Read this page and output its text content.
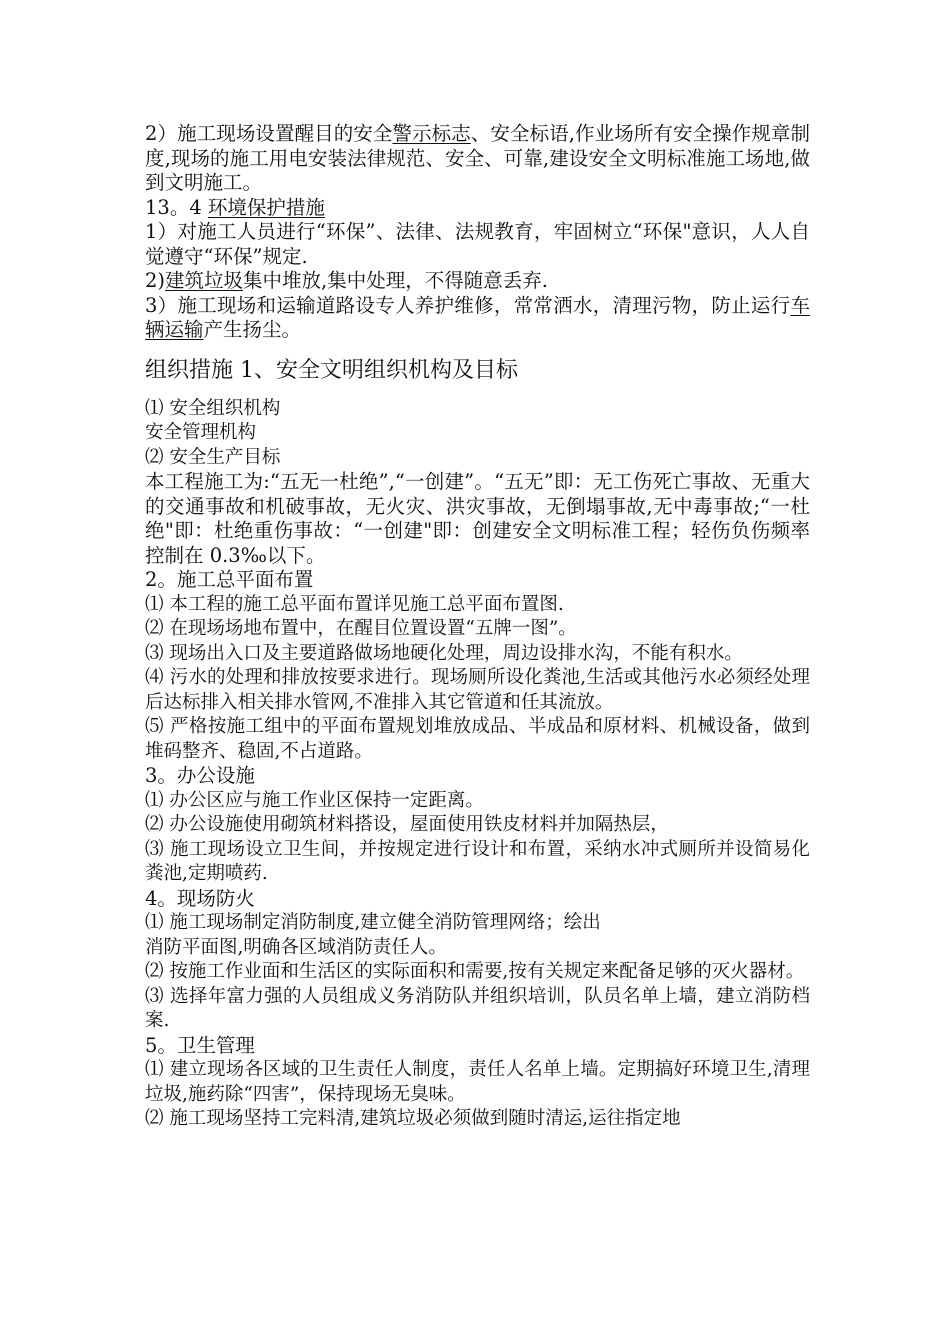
2）施工现场设置醒目的安全警示标志、安全标语,作业场所有安全操作规章制度,现场的施工用电安装法律规范、安全、可靠,建设安全文明标准施工场地,做到文明施工。

13。4 环境保护措施

1）对施工人员进行“环保”、法律、法规教育，牢固树立“环保"意识，人人自觉遵守“环保”规定.

2)建筑垃圾集中堆放,集中处理，不得随意丢弃.

3）施工现场和运输道路设专人养护维修，常常洒水，清理污物，防止运行车辆运输产生扬尘。

组织措施 1、安全文明组织机构及目标

⑴ 安全组织机构

安全管理机构

⑵ 安全生产目标

本工程施工为:“五无一杜绝”,“一创建”。“五无”即：无工伤死亡事故、无重大的交通事故和机破事故，无火灾、洪灾事故，无倒塌事故,无中毒事故;“一杜绝"即：杜绝重伤事故：“一创建"即：创建安全文明标准工程；轻伤负伤频率控制在 0.3‰以下。

2。施工总平面布置

⑴ 本工程的施工总平面布置详见施工总平面布置图.

⑵ 在现场场地布置中，在醒目位置设置“五牌一图”。

⑶ 现场出入口及主要道路做场地硬化处理，周边设排水沟，不能有积水。

⑷ 污水的处理和排放按要求进行。现场厕所设化粪池,生活或其他污水必须经处理后达标排入相关排水管网,不准排入其它管道和任其流放。

⑸ 严格按施工组中的平面布置规划堆放成品、半成品和原材料、机械设备，做到堆码整齐、稳固,不占道路。

3。办公设施

⑴ 办公区应与施工作业区保持一定距离。

⑵ 办公设施使用砌筑材料搭设，屋面使用铁皮材料并加隔热层，

⑶ 施工现场设立卫生间，并按规定进行设计和布置，采纳水冲式厕所并设简易化粪池,定期喷药.

4。现场防火

⑴ 施工现场制定消防制度,建立健全消防管理网络；绘出

消防平面图,明确各区域消防责任人。

⑵ 按施工作业面和生活区的实际面积和需要,按有关规定来配备足够的灭火器材。

⑶ 选择年富力强的人员组成义务消防队并组织培训，队员名单上墙，建立消防档案.

5。卫生管理

⑴ 建立现场各区域的卫生责任人制度，责任人名单上墙。定期搞好环境卫生,清理垃圾,施药除“四害”，保持现场无臭味。

⑵ 施工现场坚持工完料清,建筑垃圾必须做到随时清运,运往指定地
